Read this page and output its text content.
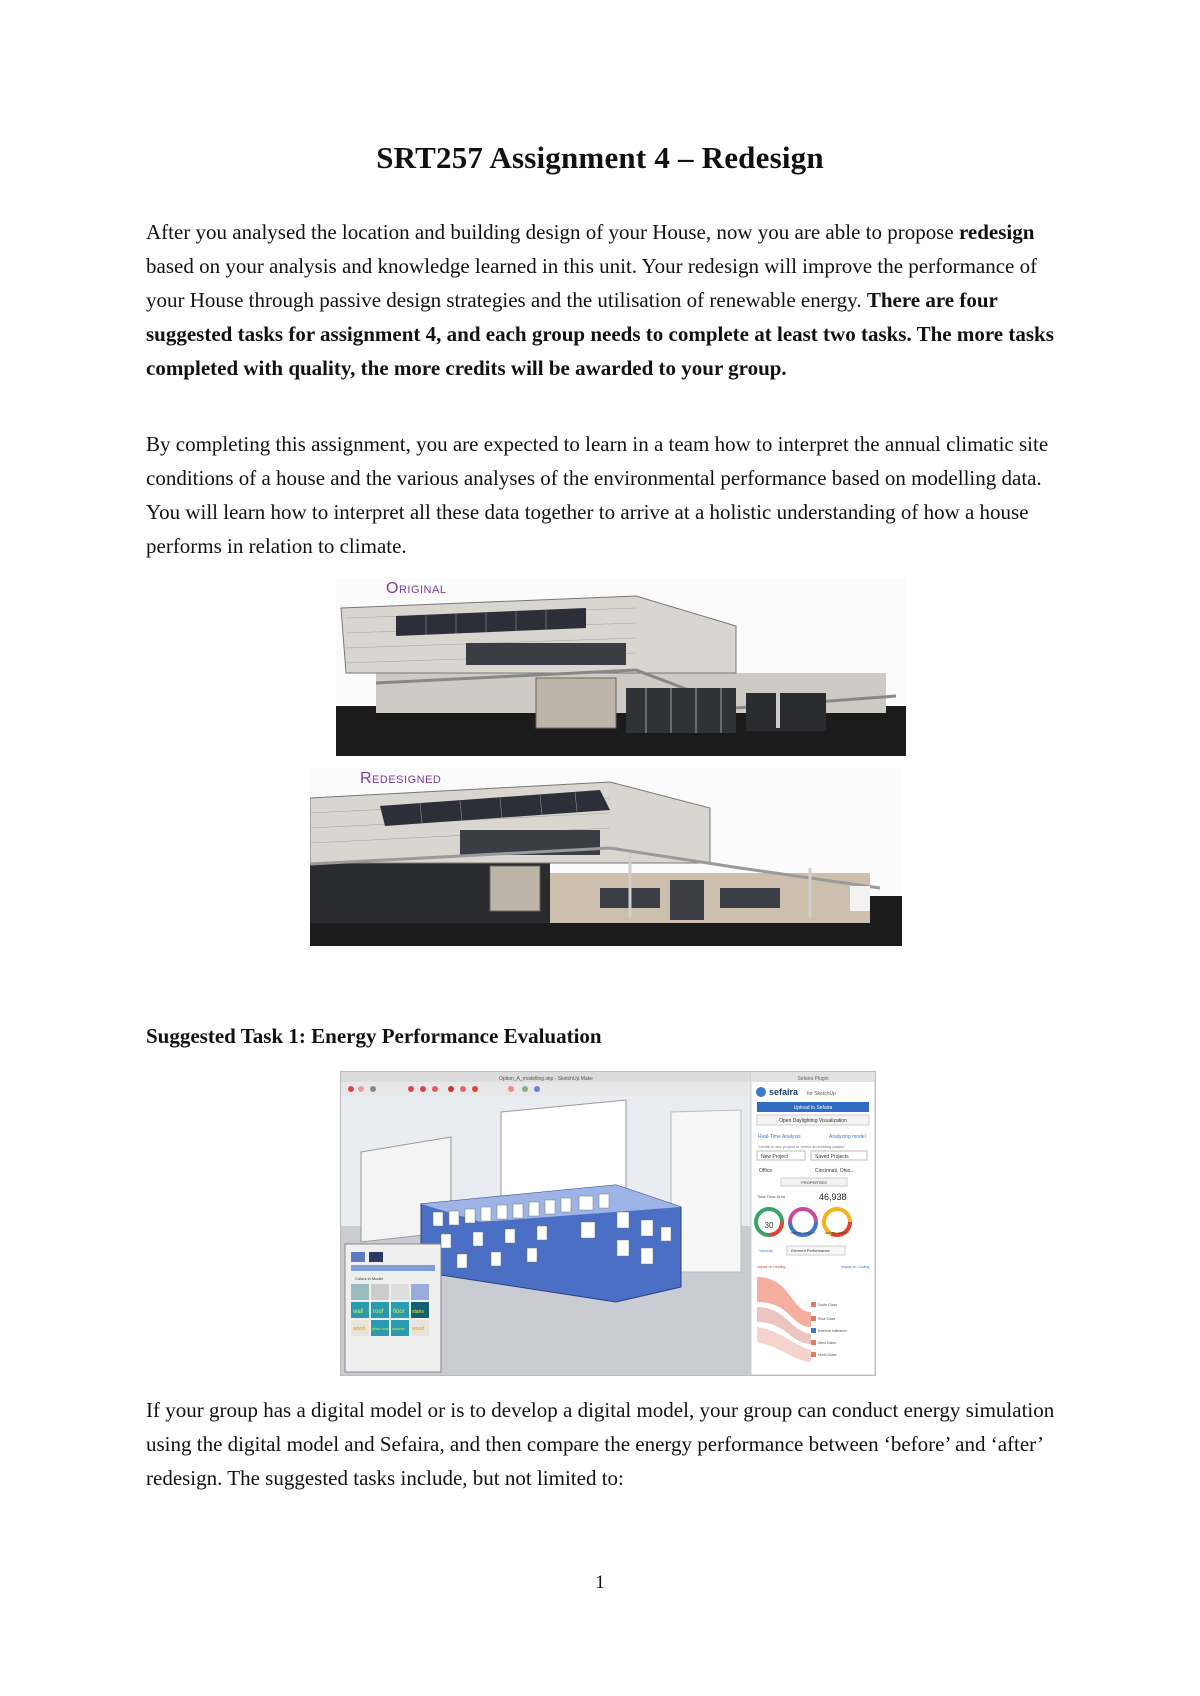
SRT257 Assignment 4 – Redesign

After you analysed the location and building design of your House, now you are able to propose redesign based on your analysis and knowledge learned in this unit. Your redesign will improve the performance of your House through passive design strategies and the utilisation of renewable energy. There are four suggested tasks for assignment 4, and each group needs to complete at least two tasks. The more tasks completed with quality, the more credits will be awarded to your group.

By completing this assignment, you are expected to learn in a team how to interpret the annual climatic site conditions of a house and the various analyses of the environmental performance based on modelling data. You will learn how to interpret all these data together to arrive at a holistic understanding of how a house performs in relation to climate.

Original
Redesigned
Suggested Task 1: Energy Performance Evaluation
Option_A_modelling.skp - SketchUp Make
Colors in Model
wall roof floor stairs
wood pitch roof column wood
Sefaira Plugin
sefaira for SketchUp
Upload to Sefaira
Open Daylighting Visualization
Real-Time Analysis	Analyzing model
Create a new project or select an existing project
New Project	Saved Projects
Office	Cincinnati, Ohio...
PROPERTIES
Total Floor Area	46,938
30
COOLING CAPACITY	HEATING CAPACITY
Velocity	Element Performance
Impact on Heating	Impact on Cooling
South Glass
Roof Glass
External Infiltration
West Glass
North Glass

If your group has a digital model or is to develop a digital model, your group can conduct energy simulation using the digital model and Sefaira, and then compare the energy performance between ‘before’ and ‘after’ redesign. The suggested tasks include, but not limited to:

1
